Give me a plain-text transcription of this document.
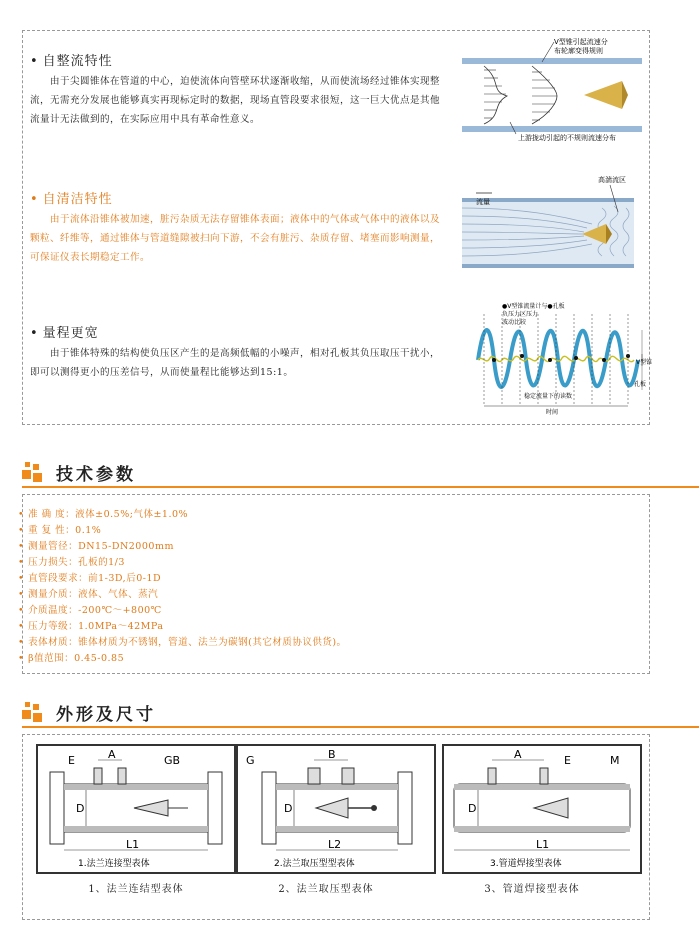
• 自整流特性
由于尖圆锥体在管道的中心，迫使流体向管壁环状逐渐收缩，从而使流场经过锥体实现整流，无需充分发展也能够真实再现标定时的数据，现场直管段要求很短，这一巨大优点是其他流量计无法做到的，在实际应用中具有革命性意义。
V型锥引起流速分
布轮廓变得规则
上游拢动引起的不规则流速分布
• 自清洁特性
由于流体沿锥体被加速，脏污杂质无法存留锥体表面；液体中的气体或气体中的液体以及颗粒、纤维等，通过锥体与管道缝隙被扫向下游，不会有脏污、杂质存留、堵塞而影响测量，可保证仪表长期稳定工作。
流量
高湍流区
• 量程更宽
由于锥体特殊的结构使负压区产生的是高频低幅的小噪声，相对孔板其负压取压干扰小，即可以测得更小的压差信号，从而使量程比能够达到15:1。
●V型锥流量计与●孔板
负压力区压力
波动比较
V型锥
孔板
稳定流量下的读数
时间
技术参数
• 准 确 度：液体±0.5%;气体±1.0%
• 重 复 性：0.1%
• 测量管径：DN15-DN2000mm
• 压力损失：孔板的1/3
• 直管段要求：前1-3D,后0-1D
• 测量介质：液体、气体、蒸汽
• 介质温度：-200℃～+800℃
• 压力等级：1.0MPa～42MPa
• 表体材质：锥体材质为不锈钢，管道、法兰为碳钢(其它材质协议供货)。
• β值范围：0.45-0.85
外形及尺寸
E	A	GB
D
L1
1.法兰连接型表体
1、法兰连结型表体
G	B
D
L2
2.法兰取压型型表体
2、法兰取压型表体
A	E	M
D
L1
3.管道焊接型表体
3、管道焊接型表体
